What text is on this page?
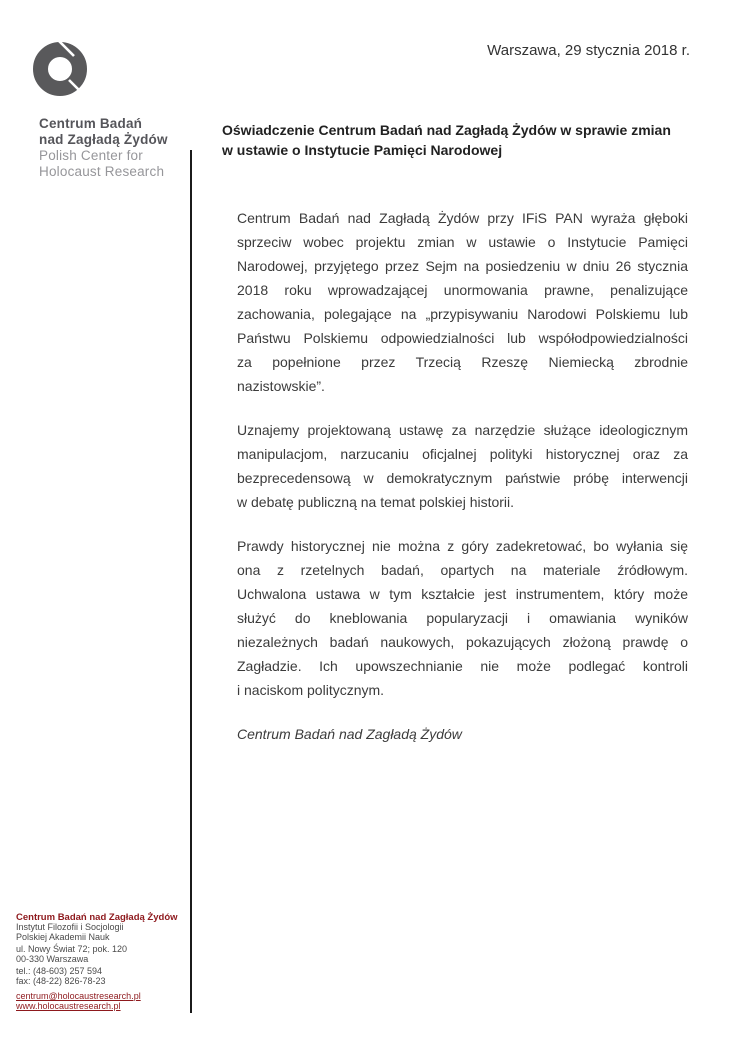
Warszawa, 29 stycznia 2018 r.
Centrum Badań
nad Zagładą Żydów
Polish Center for
Holocaust Research
Oświadczenie Centrum Badań nad Zagładą Żydów w sprawie zmian
w ustawie o Instytucie Pamięci Narodowej
Centrum Badań nad Zagładą Żydów przy IFiS PAN wyraża głęboki
sprzeciw wobec projektu zmian w ustawie o Instytucie Pamięci
Narodowej, przyjętego przez Sejm na posiedzeniu w dniu 26 stycznia
2018 roku wprowadzającej unormowania prawne, penalizujące
zachowania, polegające na „przypisywaniu Narodowi Polskiemu lub
Państwu Polskiemu odpowiedzialności lub współodpowiedzialności
za popełnione przez Trzecią Rzeszę Niemiecką zbrodnie
nazistowskie”.
Uznajemy projektowaną ustawę za narzędzie służące ideologicznym
manipulacjom, narzucaniu oficjalnej polityki historycznej oraz za
bezprecedensową w demokratycznym państwie próbę interwencji
w debatę publiczną na temat polskiej historii.
Prawdy historycznej nie można z góry zadekretować, bo wyłania się
ona z rzetelnych badań, opartych na materiale źródłowym.
Uchwalona ustawa w tym kształcie jest instrumentem, który może
służyć do kneblowania popularyzacji i omawiania wyników
niezależnych badań naukowych, pokazujących złożoną prawdę o
Zagładzie. Ich upowszechnianie nie może podlegać kontroli
i naciskom politycznym.
Centrum Badań nad Zagładą Żydów
Centrum Badań nad Zagładą Żydów
Instytut Filozofii i Socjologii
Polskiej Akademii Nauk
ul. Nowy Świat 72; pok. 120
00-330 Warszawa
tel.: (48-603) 257 594
fax: (48-22) 826-78-23
centrum@holocaustresearch.pl
www.holocaustresearch.pl
